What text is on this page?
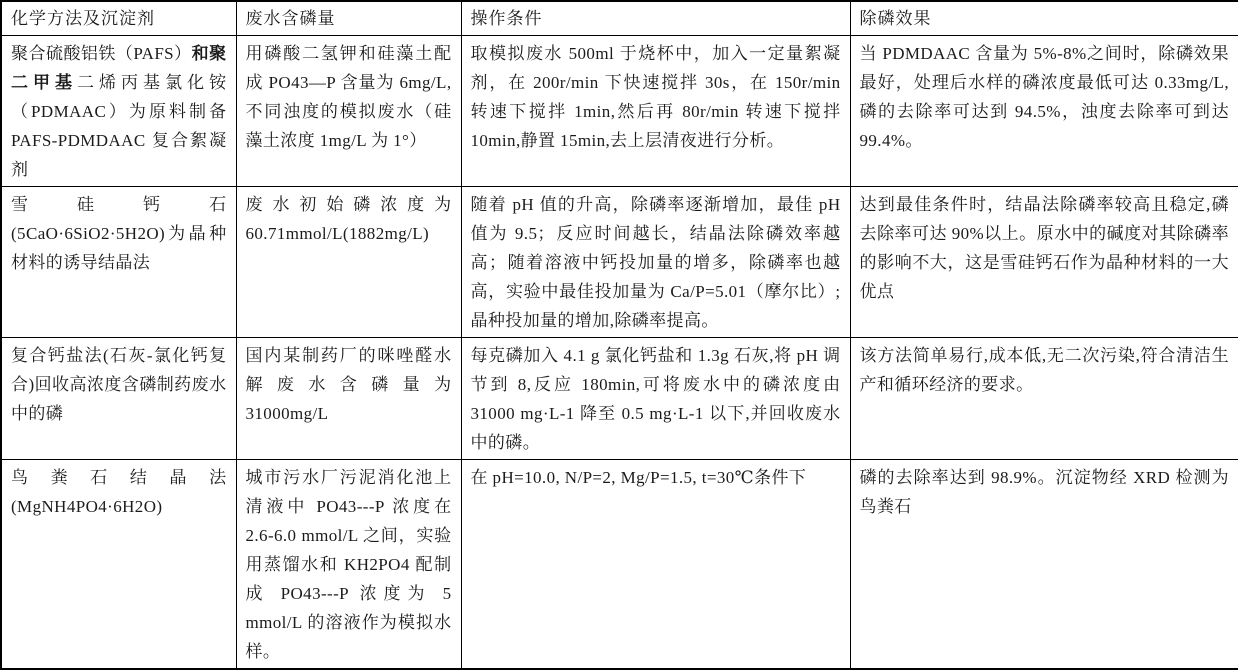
化学方法及沉淀剂	废水含磷量	操作条件	除磷效果
聚合硫酸铝铁（PAFS）和聚二甲基二烯丙基氯化铵（PDMAAC）为原料制备 PAFS-PDMDAAC 复合絮凝剂	用磷酸二氢钾和硅藻土配成 PO43—P 含量为 6mg/L,不同浊度的模拟废水（硅藻土浓度 1mg/L 为 1°）	取模拟废水 500ml 于烧杯中，加入一定量絮凝剂，在 200r/min 下快速搅拌 30s，在 150r/min 转速下搅拌 1min,然后再 80r/min 转速下搅拌 10min,静置 15min,去上层清夜进行分析。	当 PDMDAAC 含量为 5%-8%之间时，除磷效果最好，处理后水样的磷浓度最低可达 0.33mg/L,磷的去除率可达到 94.5%，浊度去除率可到达 99.4%。
雪硅钙石(5CaO·6SiO2·5H2O)为晶种材料的诱导结晶法	废水初始磷浓度为 60.71mmol/L(1882mg/L)	随着 pH 值的升高，除磷率逐渐增加，最佳 pH 值为 9.5；反应时间越长，结晶法除磷效率越高；随着溶液中钙投加量的增多，除磷率也越高，实验中最佳投加量为 Ca/P=5.01（摩尔比）;晶种投加量的增加,除磷率提高。	达到最佳条件时，结晶法除磷率较高且稳定,磷去除率可达 90%以上。原水中的碱度对其除磷率的影响不大，这是雪硅钙石作为晶种材料的一大优点
复合钙盐法(石灰-氯化钙复合)回收高浓度含磷制药废水中的磷	国内某制药厂的咪唑醛水解废水含磷量为 31000mg/L	每克磷加入 4.1 g 氯化钙盐和 1.3g 石灰,将 pH 调节到 8,反应 180min,可将废水中的磷浓度由 31000 mg·L-1 降至 0.5 mg·L-1 以下,并回收废水中的磷。	该方法简单易行,成本低,无二次污染,符合清洁生产和循环经济的要求。
鸟粪石结晶法(MgNH4PO4·6H2O)	城市污水厂污泥消化池上清液中 PO43---P 浓度在 2.6-6.0 mmol/L 之间，实验用蒸馏水和 KH2PO4 配制成 PO43---P 浓度为 5 mmol/L 的溶液作为模拟水样。	在 pH=10.0, N/P=2, Mg/P=1.5, t=30℃条件下	磷的去除率达到 98.9%。沉淀物经 XRD 检测为鸟粪石
